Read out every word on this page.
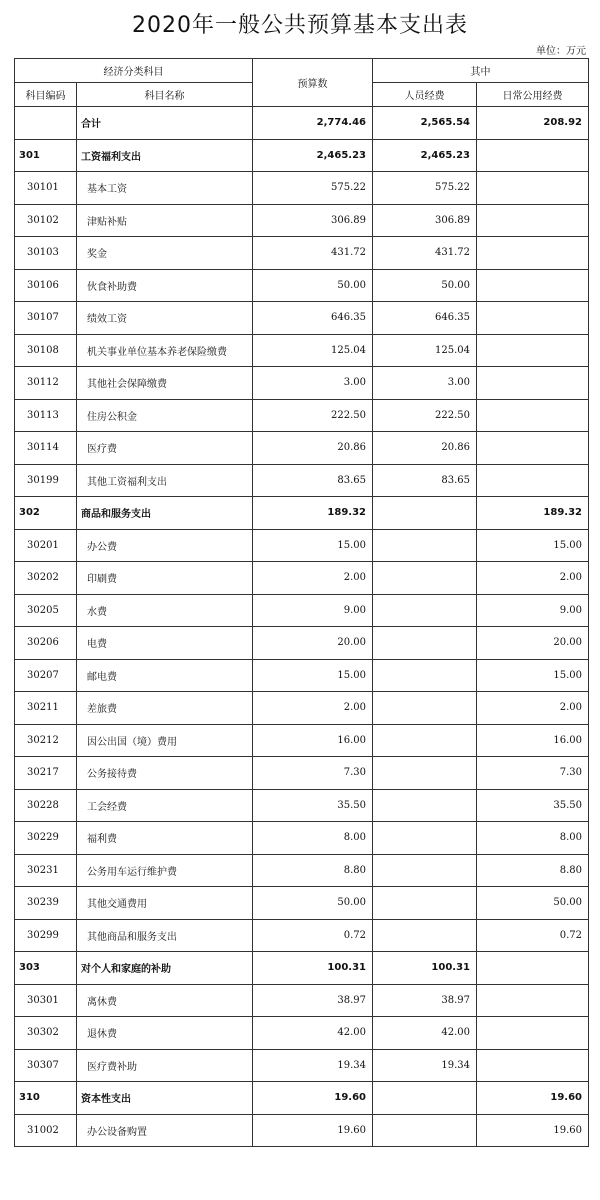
2020年一般公共预算基本支出表
单位：万元
经济分类科目		预算数	其中	
科目编码	科目名称		人员经费	日常公用经费
	合计	2,774.46	2,565.54	208.92
301	工资福利支出	2,465.23	2,465.23	
30101	基本工资	575.22	575.22	
30102	津贴补贴	306.89	306.89	
30103	奖金	431.72	431.72	
30106	伙食补助费	50.00	50.00	
30107	绩效工资	646.35	646.35	
30108	机关事业单位基本养老保险缴费	125.04	125.04	
30112	其他社会保障缴费	3.00	3.00	
30113	住房公积金	222.50	222.50	
30114	医疗费	20.86	20.86	
30199	其他工资福利支出	83.65	83.65	
302	商品和服务支出	189.32		189.32
30201	办公费	15.00		15.00
30202	印刷费	2.00		2.00
30205	水费	9.00		9.00
30206	电费	20.00		20.00
30207	邮电费	15.00		15.00
30211	差旅费	2.00		2.00
30212	因公出国（境）费用	16.00		16.00
30217	公务接待费	7.30		7.30
30228	工会经费	35.50		35.50
30229	福利费	8.00		8.00
30231	公务用车运行维护费	8.80		8.80
30239	其他交通费用	50.00		50.00
30299	其他商品和服务支出	0.72		0.72
303	对个人和家庭的补助	100.31	100.31	
30301	离休费	38.97	38.97	
30302	退休费	42.00	42.00	
30307	医疗费补助	19.34	19.34	
310	资本性支出	19.60		19.60
31002	办公设备购置	19.60		19.60
